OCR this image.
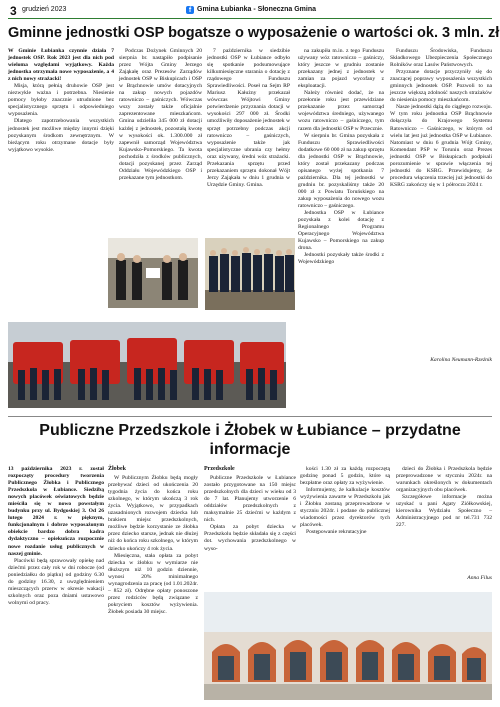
3 grudzień 2023	f Gmina Łubianka - Słoneczna Gmina
Gminne jednostki OSP bogatsze o wyposażenie o wartości ok. 3 mln. zł

W Gminie Łubianka czynnie działa 7 jednostek OSP. Rok 2023 jest dla nich pod wieloma względami wyjątkowy. Każda jednostka otrzymała nowe wyposażenie, a 4 z nich nowy strażacki!

Misja, którą pełnią druhowie OSP jest niezwykle ważna i potrzebna. Niesienie pomocy byłoby znacznie utrudnione bez specjalistycznego sprzętu i odpowiedniego wyposażenia.

Dlatego zapotrzebowania wszystkich jednostek jest możliwe między innymi dzięki pozyskanym środkom zewnętrznym. W bieżącym roku otrzymane dotacje były wyjątkowo wysokie.

Podczas Dożynek Gminnych 20 sierpnia br. nastąpiło podpisanie przez Wójta Gminy Jerzego Zająkałę oraz Prezesów Zarządów jednostek OSP w Biskupicach i OSP w Brąchnowie umów dotacyjnych na zakup nowych pojazdów ratowniczo – gaśniczych. Wówczas wszy zostały także oficjalnie zaprezentowane mieszkańcom. Gmina udzieliła 345 000 zł dotacji każdej z jednostek, pozostałą kwotę w wysokości ok. 1.300.000 zł zapewnił samorząd Województwa Kujawsko-Pomorskiego. Ta kwota pochodziła z środków publicznych, dotacji pozyskanej przez Zarząd Oddziału Wojewódzkiego OSP i przekazane tym jednostkom.

7 października w siedzibie jednostki OSP w Łubiance odbyło się spotkanie podsumowujące kilkumiesięczne starania o dotację z rządowego Funduszu Sprawiedliwości. Poseł na Sejm RP Mariusz Kałużny przekazał wówczas Wójtowi Gminy potwierdzenie przyznania dotacji w wysokości 297 000 zł. Środki umożliwiły doposażenie jednostek w sprzęt potrzebny podczas akcji ratowniczo – gaśniczych, wyposażenie także jak specjalistyczne ubrania czy hełmy oraz używany, średni wóz strażacki. Przekazania sprzętu przed przekazaniem sprzętu dokonał Wójt Jerzy Zająkała w dniu 1 grudnia w Urzędzie Gminy. Gmina.

na zakupiła m.in. z tego Funduszu używany wóz ratowniczo – gaśniczy, który jeszcze w grudniu zostanie przekazany jednej z jednostek w zamian za pojazd wycofany z eksploatacji.

Należy również dodać, że na przełomie roku jest przewidziane przekazanie przez samorząd województwa średniego, używanego wozu ratowniczo – gaśniczego, tym razem dla jednostki OSP w Przecznie.

W sierpniu br. Gmina pozyskała z Funduszu Sprawiedliwości dodatkowe 60 000 zł na zakup sprzętu dla jednostki OSP w Brąchnowie, który został przekazany podczas opisanego wyżej spotkania 7 października. Dla tej jednostki w grudniu br. pozyskaliśmy także 20 000 zł z Powiatu Toruńskiego na zakup wyposażenia do nowego wozu ratowniczo – gaśniczego.

Jednostka OSP w Łubiance pozyskała z kolei dotację z Regionalnego Programu Operacyjnego Województwa Kujawsko – Pomorskiego na zakup drona.

Jednostki pozyskały także środki z Wojewódzkiego

Funduszu Środowiska, Funduszu Składkowego Ubezpieczenia Społecznego Rolników oraz Lasów Państwowych.

Przyznane dotacje przyczyniły się do znaczącej poprawy wyposażenia wszystkich gminnych jednostek OSP. Pozwoli to na jeszcze większą zdolność naszych strażaków do niesienia pomocy mieszkańcom.

Nasze jednostki dążą do ciągłego rozwoju. W tym roku jednostka OSP Brąchnowie dołączyła do Krajowego Systemu Ratowniczo – Gaśniczego, w którym od wielu lat jest już jednostka OSP w Łubiance. Natomiast w dniu 6 grudnia Wójt Gminy, Komendant PSP w Toruniu oraz Prezes jednostki OSP w Biskupicach podpisali porozumienie w sprawie włączenia tej jednostki do KSRG. Przewidujemy, że procedura włączenia trzeciej już jednostki do KSRG zakończy się w 1 półroczu 2024 r.

Karolina Neumann-Rzeźnik

Publiczne Przedszkole i Żłobek w Łubiance – przydatne informacje

13 października 2023 r. został rozpoczęty procedury tworzenia Publicznego Żłobka i Publicznego Przedszkola w Łubiance. Siedzibą nowych placówek oświatowych będzie mieściła się w nowo powstałym budynku przy ul. Bydgoskiej 3. Od 26 lutego 2024 r. w pięknym, funkcjonalnym i dobrze wyposażonym obiekcie bardzo dobra kadra dydaktyczno – opiekuńcza rozpocznie nowe rozdanie usług publicznych w naszej gminie.

Placówki będą sprawowały opiekę nad dziećmi przez cały rok w dni robocze (od poniedziałku do piątku) od godziny 6.30 do godziny 16.30, z uwzględnieniem mieszczących przerw w okresie wakacji szkolnych oraz poza dniami ustawowo wolnymi od pracy.

Żłobek

W Publicznym Żłobku będą mogły przebywać dzieci od ukończenia 20 tygodnia życia do końca roku szkolnego, w którym ukończą 3 rok życia. Wyjątkowo, w przypadkach uzasadnionych rozwojem dziecka lub brakiem miejsc przedszkolnych, możliwe będzie korzystanie ze żłobka przez dziecko starsze, jednak nie dłużej niż do końca roku szkolnego, w którym dziecko ukończy 4 rok życia.

Miesięczna, stała opłata za pobyt dziecka w żłobku w wymiarze nie dłuższym niż 10 godzin dziennie, wynosi 20% minimalnego wynagrodzenia za pracę (od 1.01.2024r. – 852 zł). Odrębne opłaty ponoszone przez rodziców będą związane z pokryciem kosztów wyżywienia. Żłobek posiada 30 miejsc.

Przedszkole

Publiczne Przedszkole w Łubiance zostało przygotowane na 150 miejsc przedszkolnych dla dzieci w wieku od 3 do 7 lat. Planujemy utworzenie 6 oddziałów przedszkolnych z maksymalnie 25 dziećmi w każdym z nich.

Opłata za pobyt dziecka w Przedszkolu będzie składała się z części dot. wychowania przedszkolnego w wyso-

kości 1.30 zł za każdą rozpoczętą godzinę ponad 5 godzin, które są bezpłatne oraz opłaty za wyżywienie.

Informujemy, że kalkulacje kosztów wyżywienia zawarte w Przedszkolu jak i Żłobku zostaną przeprowadzone w styczniu 2024r. i podane do publicznej wiadomości przez dyrektorów tych placówek.

Postępowanie rekrutacyjne

dzieci do Żłobka i Przedszkola będzie przeprowadzone w styczniu 2024r. na warunkach określonych w dokumentach organizacyjnych obu placówek.

Szczegółowe informacje można uzyskać u pani Agaty Ziółkowskiej, kierownika Wydziału Społeczno – Administracyjnego pod nr tel.731 732 227.

Anna Filus
